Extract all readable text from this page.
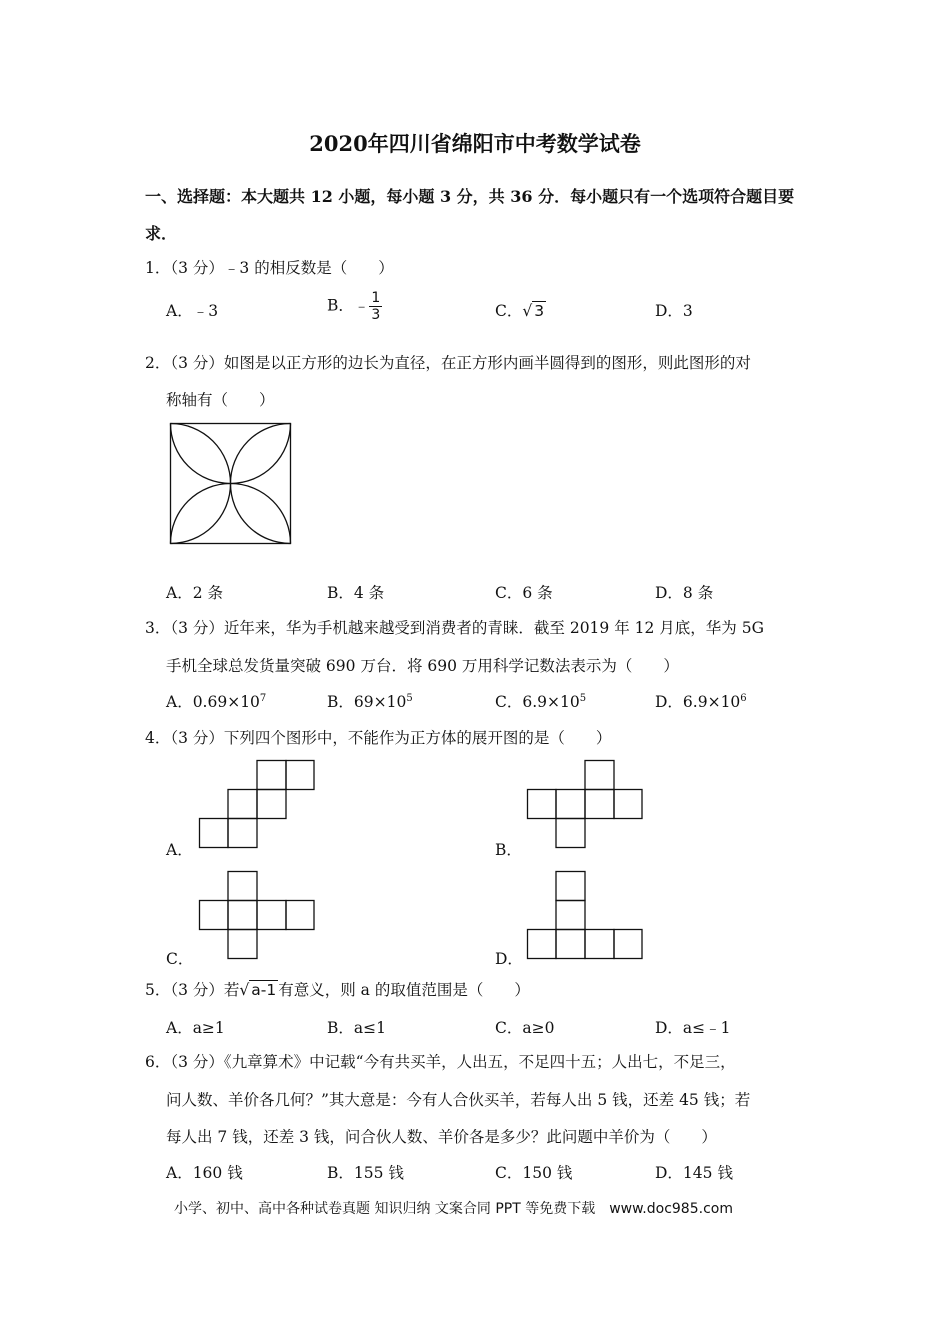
2020年四川省绵阳市中考数学试卷
一、选择题：本大题共 12 小题，每小题 3 分，共 36 分．每小题只有一个选项符合题目要
求．
1．（3 分）﹣3 的相反数是（　　）
A．﹣3	B．﹣ $\frac{1}{3}$	C．√ 3	D．3
2．（3 分）如图是以正方形的边长为直径，在正方形内画半圆得到的图形，则此图形的对
称轴有（　　）
A．2 条	B．4 条	C．6 条	D．8 条
3．（3 分）近年来，华为手机越来越受到消费者的青睐．截至 2019 年 12 月底，华为 5G
手机全球总发货量突破 690 万台．将 690 万用科学记数法表示为（　　）
A．$0.69\times 10^7$	B．$69\times 10^5$	C．$6.9\times 10^5$	D．$6.9\times 10^6$
4．（3 分）下列四个图形中，不能作为正方体的展开图的是（　　）
A．	B．
C．	D．
5．（3 分）若√ a-1 有意义，则 a 的取值范围是（　　）
A．a≥1	B．a≤1	C．a≥0	D．a≤﹣1
6．（3 分）《九章算术》中记载“今有共买羊，人出五，不足四十五；人出七，不足三，
问人数、羊价各几何？”其大意是：今有人合伙买羊，若每人出 5 钱，还差 45 钱；若
每人出 7 钱，还差 3 钱，问合伙人数、羊价各是多少？此问题中羊价为（　　）
A．160 钱	B．155 钱	C．150 钱	D．145 钱
小学、初中、高中各种试卷真题 知识归纳 文案合同 PPT 等免费下载　www.doc985.com
